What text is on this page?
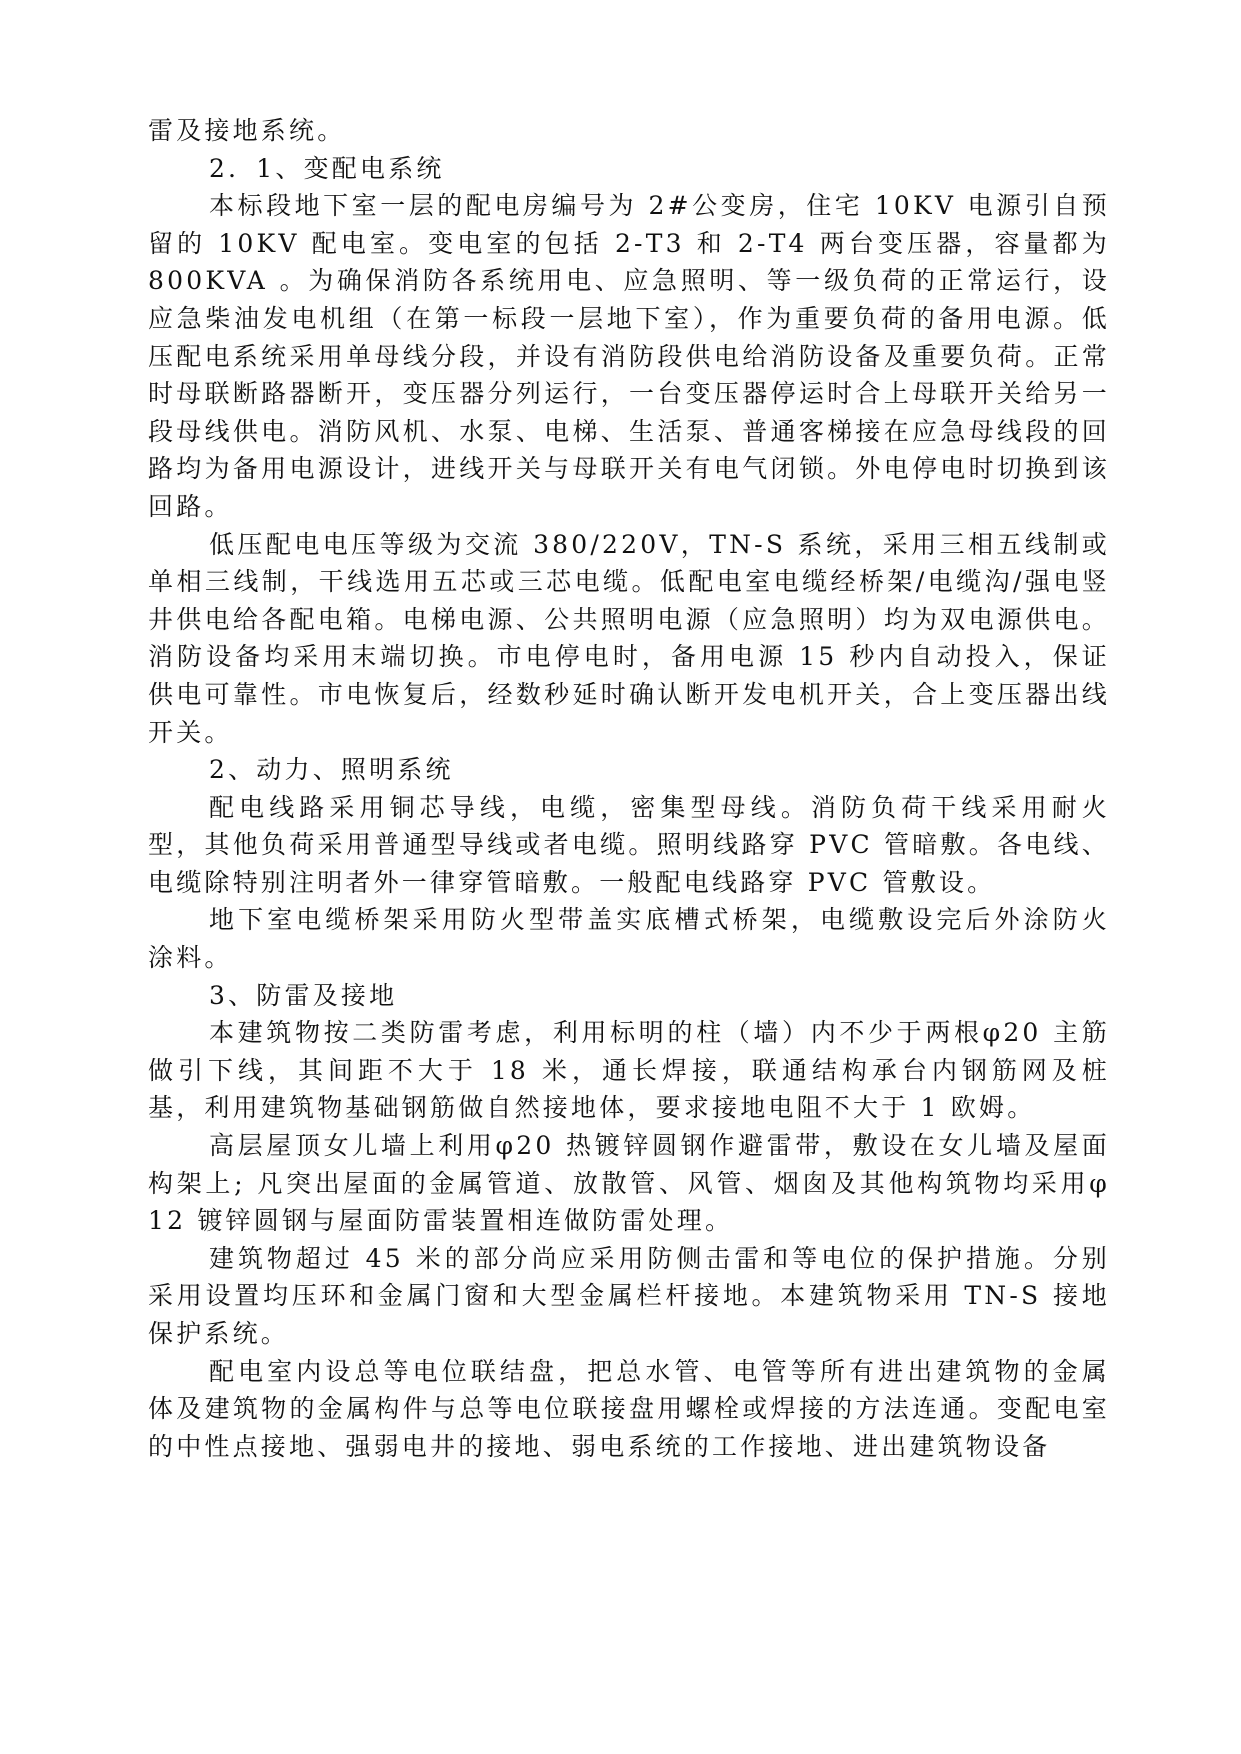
雷及接地系统。

2．1、变配电系统

本标段地下室一层的配电房编号为 2#公变房，住宅 10KV 电源引自预留的 10KV 配电室。变电室的包括 2-T3 和 2-T4 两台变压器，容量都为 800KVA 。为确保消防各系统用电、应急照明、等一级负荷的正常运行，设应急柴油发电机组（在第一标段一层地下室），作为重要负荷的备用电源。低压配电系统采用单母线分段，并设有消防段供电给消防设备及重要负荷。正常时母联断路器断开，变压器分列运行，一台变压器停运时合上母联开关给另一段母线供电。消防风机、水泵、电梯、生活泵、普通客梯接在应急母线段的回路均为备用电源设计，进线开关与母联开关有电气闭锁。外电停电时切换到该回路。

低压配电电压等级为交流 380/220V，TN-S 系统，采用三相五线制或单相三线制，干线选用五芯或三芯电缆。低配电室电缆经桥架/电缆沟/强电竖井供电给各配电箱。电梯电源、公共照明电源（应急照明）均为双电源供电。消防设备均采用末端切换。市电停电时，备用电源 15 秒内自动投入，保证供电可靠性。市电恢复后，经数秒延时确认断开发电机开关，合上变压器出线开关。

2、动力、照明系统

配电线路采用铜芯导线，电缆，密集型母线。消防负荷干线采用耐火型，其他负荷采用普通型导线或者电缆。照明线路穿 PVC 管暗敷。各电线、电缆除特别注明者外一律穿管暗敷。一般配电线路穿 PVC 管敷设。

地下室电缆桥架采用防火型带盖实底槽式桥架，电缆敷设完后外涂防火涂料。

3、防雷及接地

本建筑物按二类防雷考虑，利用标明的柱（墙）内不少于两根φ20 主筋做引下线，其间距不大于 18 米，通长焊接，联通结构承台内钢筋网及桩基，利用建筑物基础钢筋做自然接地体，要求接地电阻不大于 1 欧姆。

高层屋顶女儿墙上利用φ20 热镀锌圆钢作避雷带，敷设在女儿墙及屋面构架上; 凡突出屋面的金属管道、放散管、风管、烟囱及其他构筑物均采用φ12 镀锌圆钢与屋面防雷装置相连做防雷处理。

建筑物超过 45 米的部分尚应采用防侧击雷和等电位的保护措施。分别采用设置均压环和金属门窗和大型金属栏杆接地。本建筑物采用 TN-S 接地保护系统。

配电室内设总等电位联结盘，把总水管、电管等所有进出建筑物的金属体及建筑物的金属构件与总等电位联接盘用螺栓或焊接的方法连通。变配电室的中性点接地、强弱电井的接地、弱电系统的工作接地、进出建筑物设备
